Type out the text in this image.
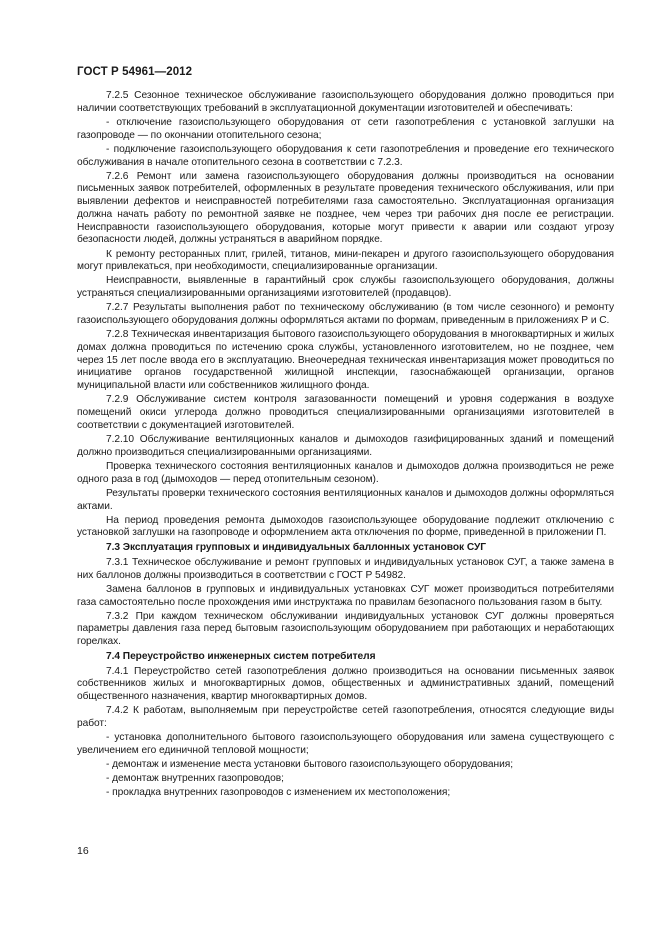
ГОСТ Р 54961—2012

7.2.5 Сезонное техническое обслуживание газоиспользующего оборудования должно проводиться при наличии соответствующих требований в эксплуатационной документации изготовителей и обеспечивать:

- отключение газоиспользующего оборудования от сети газопотребления с установкой заглушки на газопроводе — по окончании отопительного сезона;

- подключение газоиспользующего оборудования к сети газопотребления и проведение его технического обслуживания в начале отопительного сезона в соответствии с 7.2.3.

7.2.6 Ремонт или замена газоиспользующего оборудования должны производиться на основании письменных заявок потребителей, оформленных в результате проведения технического обслуживания, или при выявлении дефектов и неисправностей потребителями газа самостоятельно. Эксплуатационная организация должна начать работу по ремонтной заявке не позднее, чем через три рабочих дня после ее регистрации. Неисправности газоиспользующего оборудования, которые могут привести к аварии или создают угрозу безопасности людей, должны устраняться в аварийном порядке.

К ремонту ресторанных плит, грилей, титанов, мини-пекарен и другого газоиспользующего оборудования могут привлекаться, при необходимости, специализированные организации.

Неисправности, выявленные в гарантийный срок службы газоиспользующего оборудования, должны устраняться специализированными организациями изготовителей (продавцов).

7.2.7 Результаты выполнения работ по техническому обслуживанию (в том числе сезонного) и ремонту газоиспользующего оборудования должны оформляться актами по формам, приведенным в приложениях Р и С.

7.2.8 Техническая инвентаризация бытового газоиспользующего оборудования в многоквартирных и жилых домах должна проводиться по истечению срока службы, установленного изготовителем, но не позднее, чем через 15 лет после ввода его в эксплуатацию. Внеочередная техническая инвентаризация может проводиться по инициативе органов государственной жилищной инспекции, газоснабжающей организации, органов муниципальной власти или собственников жилищного фонда.

7.2.9 Обслуживание систем контроля загазованности помещений и уровня содержания в воздухе помещений окиси углерода должно проводиться специализированными организациями изготовителей в соответствии с документацией изготовителей.

7.2.10 Обслуживание вентиляционных каналов и дымоходов газифицированных зданий и помещений должно производиться специализированными организациями.

Проверка технического состояния вентиляционных каналов и дымоходов должна производиться не реже одного раза в год (дымоходов — перед отопительным сезоном).

Результаты проверки технического состояния вентиляционных каналов и дымоходов должны оформляться актами.

На период проведения ремонта дымоходов газоиспользующее оборудование подлежит отключению с установкой заглушки на газопроводе и оформлением акта отключения по форме, приведенной в приложении П.

7.3 Эксплуатация групповых и индивидуальных баллонных установок СУГ

7.3.1 Техническое обслуживание и ремонт групповых и индивидуальных установок СУГ, а также замена в них баллонов должны производиться в соответствии с ГОСТ Р 54982.

Замена баллонов в групповых и индивидуальных установках СУГ может производиться потребителями газа самостоятельно после прохождения ими инструктажа по правилам безопасного пользования газом в быту.

7.3.2 При каждом техническом обслуживании индивидуальных установок СУГ должны проверяться параметры давления газа перед бытовым газоиспользующим оборудованием при работающих и неработающих горелках.

7.4 Переустройство инженерных систем потребителя

7.4.1 Переустройство сетей газопотребления должно производиться на основании письменных заявок собственников жилых и многоквартирных домов, общественных и административных зданий, помещений общественного назначения, квартир многоквартирных домов.

7.4.2 К работам, выполняемым при переустройстве сетей газопотребления, относятся следующие виды работ:

- установка дополнительного бытового газоиспользующего оборудования или замена существующего с увеличением его единичной тепловой мощности;

- демонтаж и изменение места установки бытового газоиспользующего оборудования;

- демонтаж внутренних газопроводов;

- прокладка внутренних газопроводов с изменением их местоположения;

16
